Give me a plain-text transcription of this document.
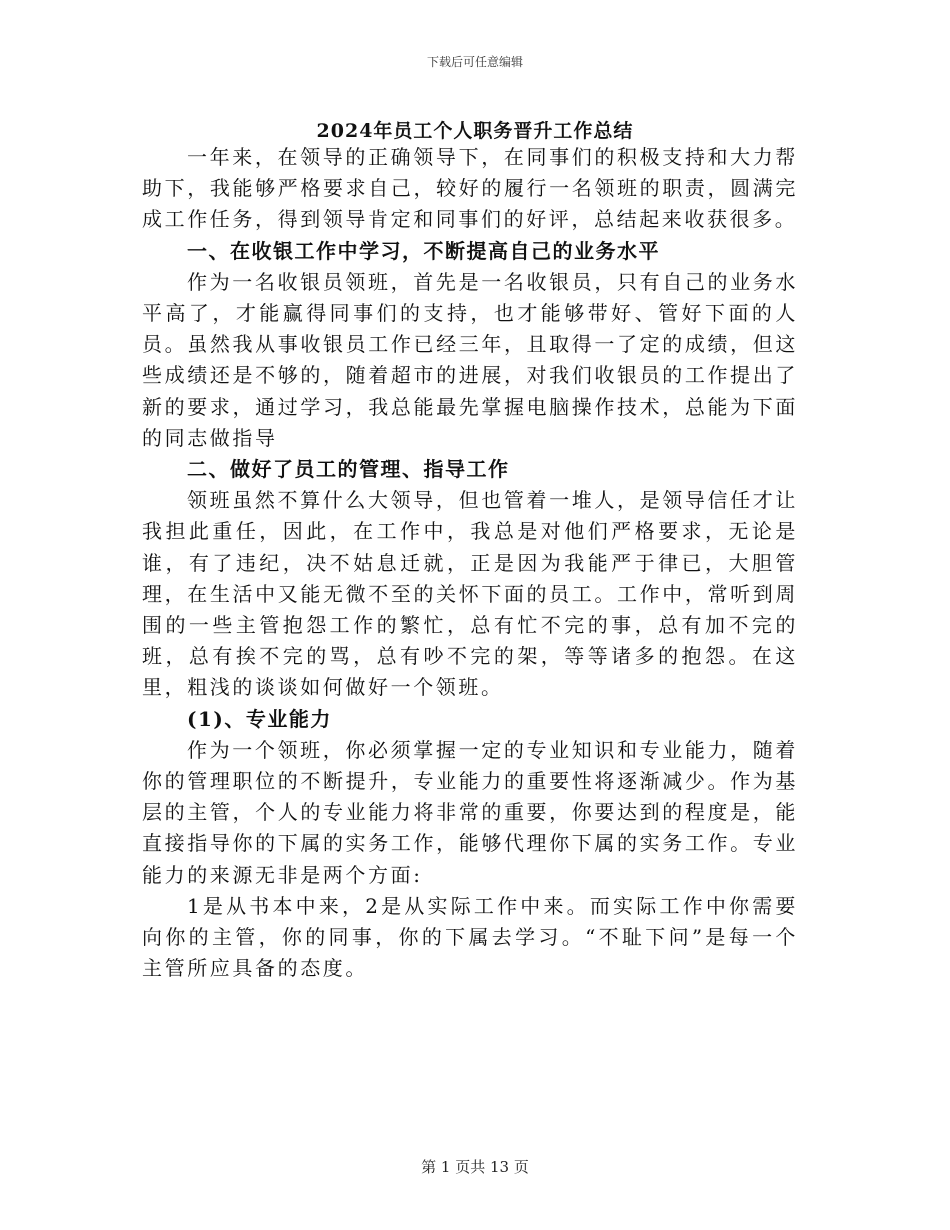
下载后可任意编辑
2024年员工个人职务晋升工作总结

一年来，在领导的正确领导下，在同事们的积极支持和大力帮助下，我能够严格要求自己，较好的履行一名领班的职责，圆满完成工作任务，得到领导肯定和同事们的好评，总结起来收获很多。

一、在收银工作中学习，不断提高自己的业务水平

作为一名收银员领班，首先是一名收银员，只有自己的业务水平高了，才能赢得同事们的支持，也才能够带好、管好下面的人员。虽然我从事收银员工作已经三年，且取得一了定的成绩，但这些成绩还是不够的，随着超市的进展，对我们收银员的工作提出了新的要求，通过学习，我总能最先掌握电脑操作技术，总能为下面的同志做指导

二、做好了员工的管理、指导工作

领班虽然不算什么大领导，但也管着一堆人，是领导信任才让我担此重任，因此，在工作中，我总是对他们严格要求，无论是谁，有了违纪，决不姑息迁就，正是因为我能严于律已，大胆管理，在生活中又能无微不至的关怀下面的员工。工作中，常听到周围的一些主管抱怨工作的繁忙，总有忙不完的事，总有加不完的班，总有挨不完的骂，总有吵不完的架，等等诸多的抱怨。在这里，粗浅的谈谈如何做好一个领班。

(1)、专业能力

作为一个领班，你必须掌握一定的专业知识和专业能力，随着你的管理职位的不断提升，专业能力的重要性将逐渐减少。作为基层的主管，个人的专业能力将非常的重要，你要达到的程度是，能直接指导你的下属的实务工作，能够代理你下属的实务工作。专业能力的来源无非是两个方面:

1是从书本中来，2是从实际工作中来。而实际工作中你需要向你的主管，你的同事，你的下属去学习。“不耻下问”是每一个主管所应具备的态度。

第 1 页共 13 页
